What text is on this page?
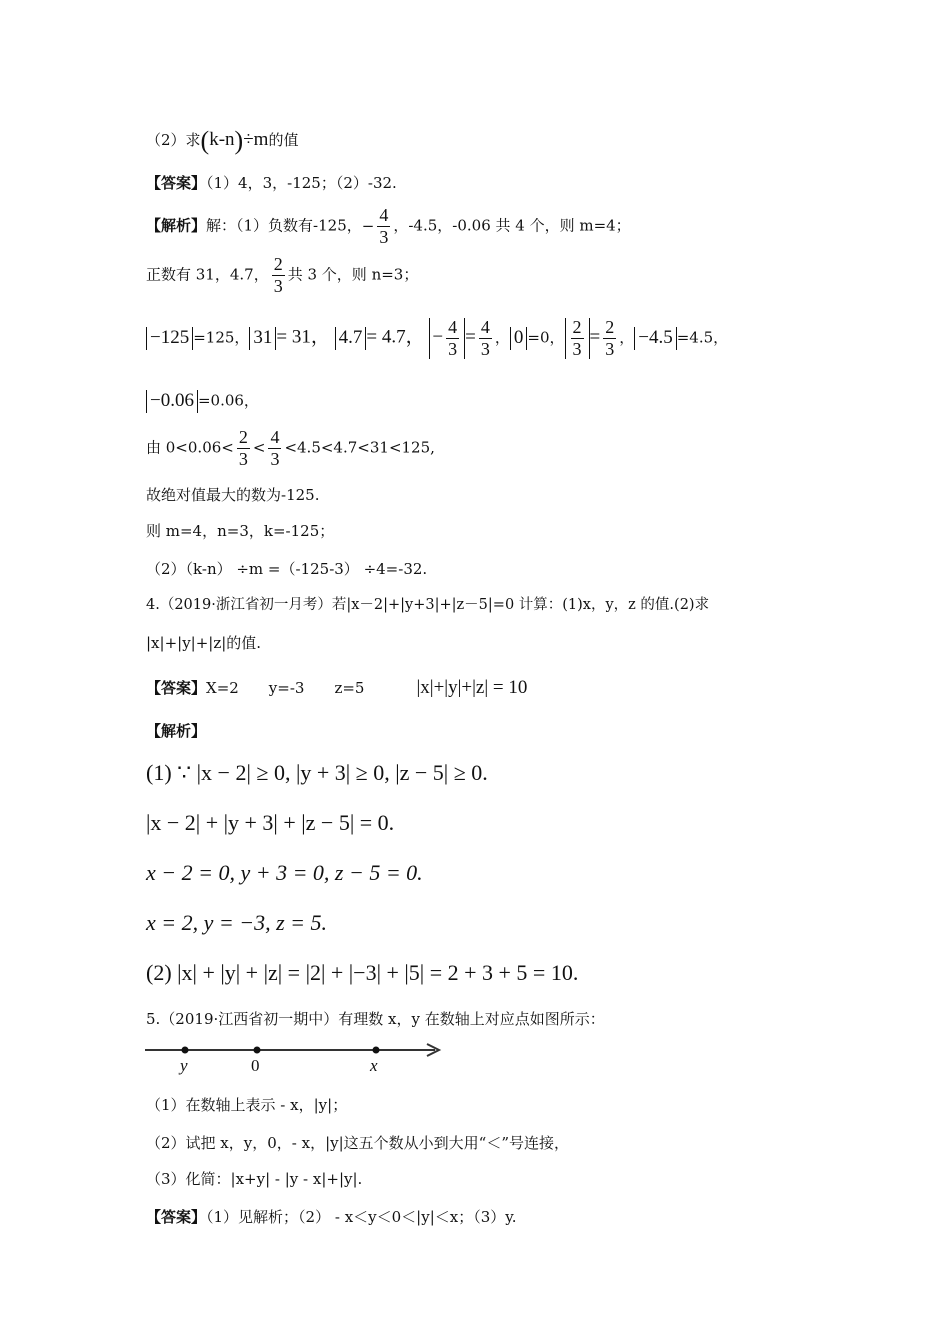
（2）求(k-n)÷m的值
【答案】（1）4，3，-125；（2）-32.
【解析】解：（1）负数有-125，− $\frac{4}{3}$ ，-4.5，-0.06 共 4 个，则 m=4；
正数有 31，4.7， $\frac{2}{3}$ 共 3 个，则 n=3；
−125 =125， 31 = 31， 4.7 = 4.7， − $\frac{4}{3} = \frac{4}{3}$ ， 0 =0， $\frac{2}{3} = \frac{2}{3}$ ， −4.5 =4.5，
−0.06 =0.06，
由 $0<0.06< \frac{2}{3} < \frac{4}{3} <4.5<4.7<31<125$,
故绝对值最大的数为-125.
则 m=4，n=3，k=-125；
（2）（k-n） ÷m =（-125-3） ÷4=-32.
4.（2019·浙江省初一月考）若|x－2|+|y+3|+|z－5|=0 计算：(1)x，y，z 的值.(2)求
|x|+|y|+|z|的值.
【答案】X=2　　y=-3　　z=5	|x|+|y|+|z| = 10
【解析】
(1) ∵ |x − 2| ≥ 0, |y + 3| ≥ 0, |z − 5| ≥ 0.
|x − 2| + |y + 3| + |z − 5| = 0.
x − 2 = 0, y + 3 = 0, z − 5 = 0.
x = 2, y = −3, z = 5.
(2) |x| + |y| + |z| = |2| + |−3| + |5| = 2 + 3 + 5 = 10.
5.（2019·江西省初一期中）有理数 x，y 在数轴上对应点如图所示：
y	0	x
（1）在数轴上表示 - x，|y|；
（2）试把 x，y，0，- x，|y|这五个数从小到大用“＜”号连接，
（3）化简：|x+y| - |y - x|+|y|.
【答案】（1）见解析；（2） - x＜y＜0＜|y|＜x；（3）y.
